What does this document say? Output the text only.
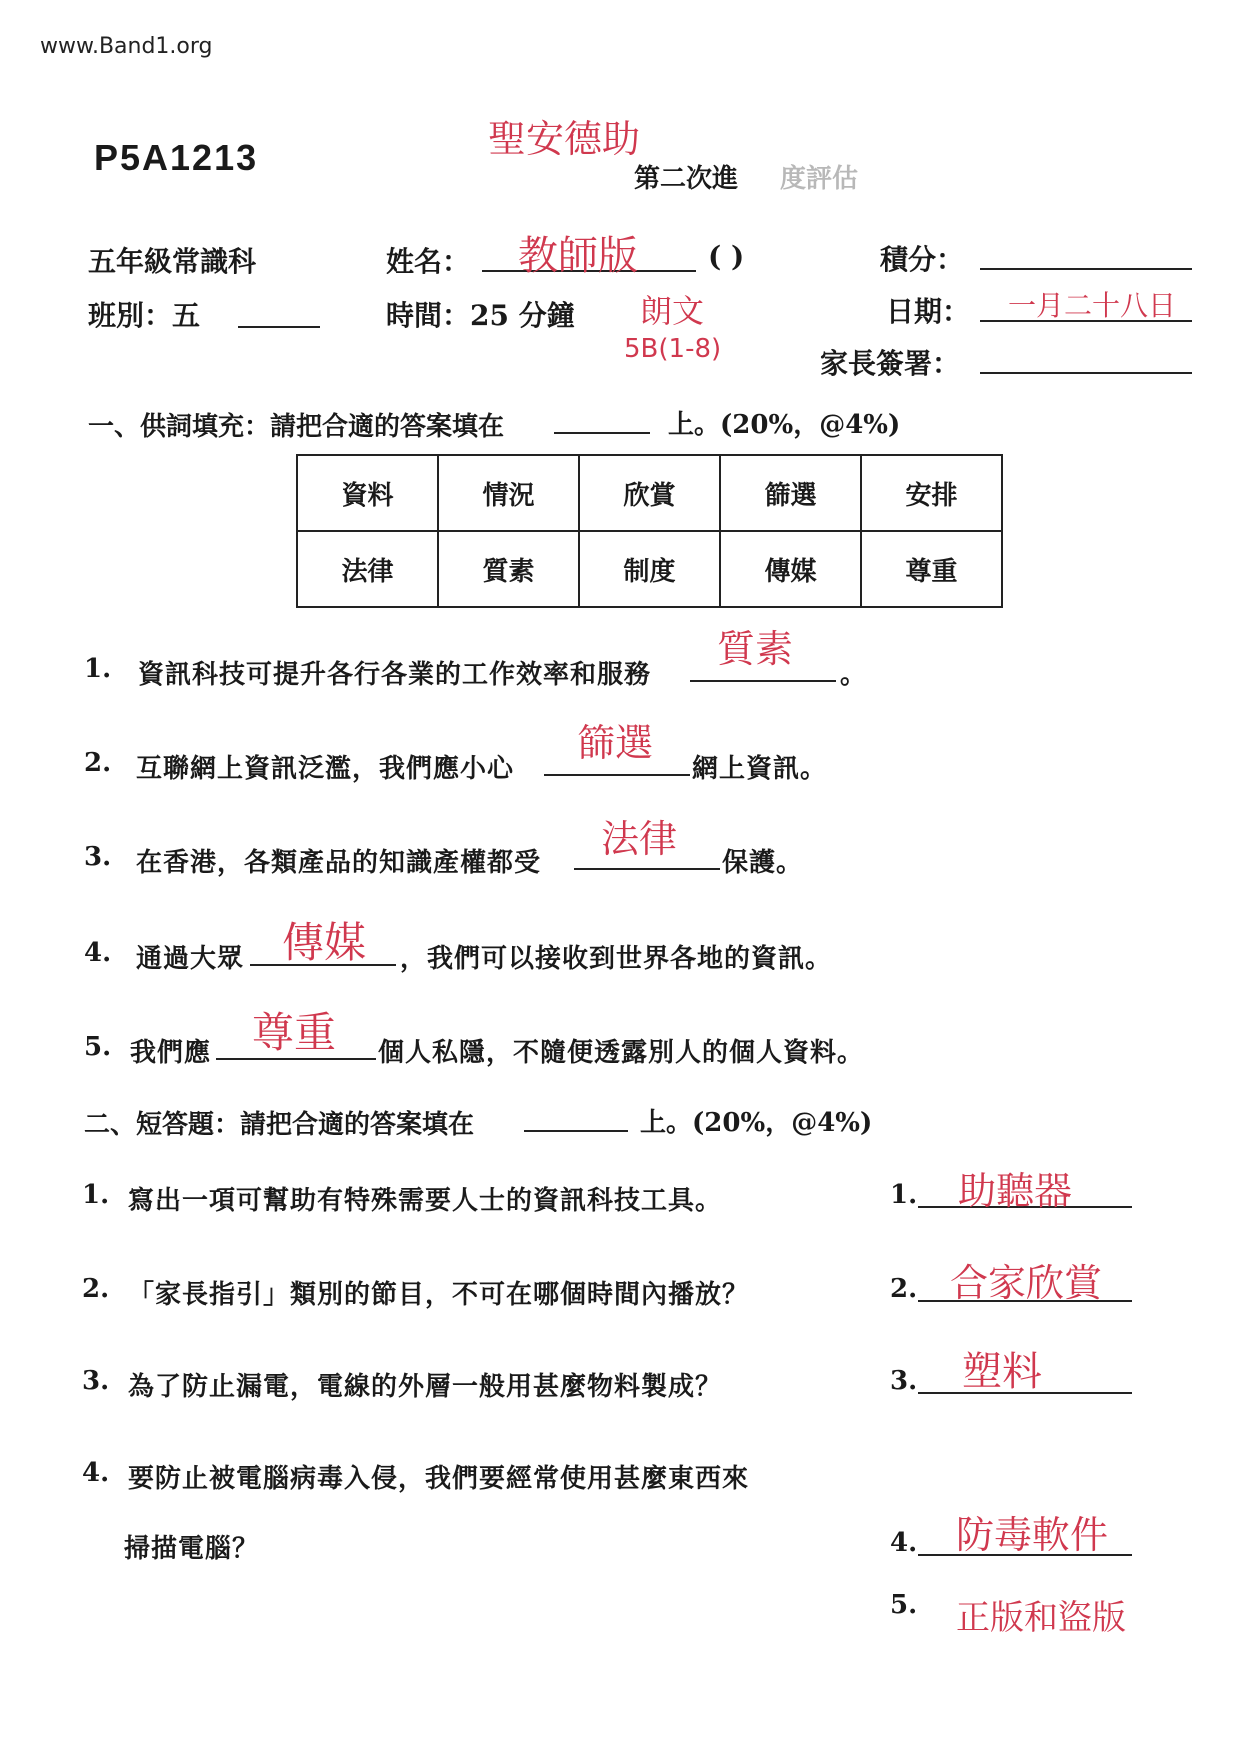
www.Band1.org
聖安德助
P5A1213
第二次進 度評估
五年級常識科	姓名： 教師版	( )	積分：
班別：五	時間：25 分鐘 朗文
5B(1-8)
日期： 一月二十八日
家長簽署：
一、供詞填充：請把合適的答案填在	上。(20%，@4%)
資料	情況	欣賞	篩選	安排
法律	質素	制度	傳媒	尊重
1. 資訊科技可提升各行各業的工作效率和服務
質素
。
2. 互聯網上資訊泛濫，我們應小心
篩選
網上資訊。
3. 在香港，各類產品的知識產權都受
法律
保護。
4. 通過大眾 傳媒	，我們可以接收到世界各地的資訊。
5. 我們應 尊重	個人私隱，不隨便透露別人的個人資料。
二、短答題：請把合適的答案填在	上。(20%，@4%)
1. 寫出一項可幫助有特殊需要人士的資訊科技工具。	1. 助聽器
2. 「家長指引」類別的節目，不可在哪個時間內播放？	2. 合家欣賞
3. 為了防止漏電，電線的外層一般用甚麼物料製成？	3. 塑料
4. 要防止被電腦病毒入侵，我們要經常使用甚麼東西來
掃描電腦？	4. 防毒軟件
5. 正版和盜版
